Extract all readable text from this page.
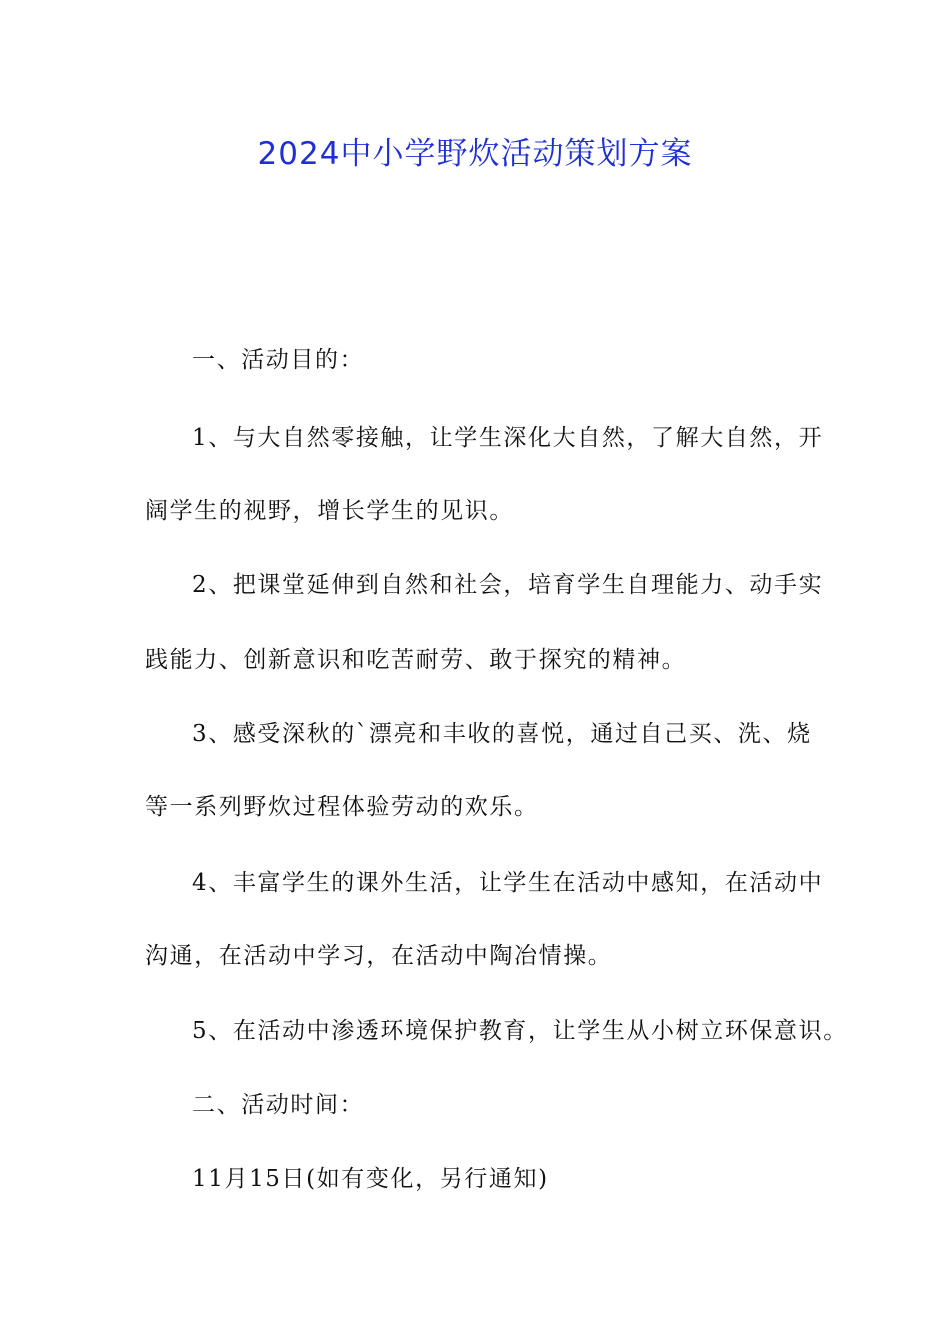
2024中小学野炊活动策划方案
一、活动目的：
1、与大自然零接触，让学生深化大自然，了解大自然，开
阔学生的视野，增长学生的见识。
2、把课堂延伸到自然和社会，培育学生自理能力、动手实
践能力、创新意识和吃苦耐劳、敢于探究的精神。
3、感受深秋的`漂亮和丰收的喜悦，通过自己买、洗、烧
等一系列野炊过程体验劳动的欢乐。
4、丰富学生的课外生活，让学生在活动中感知，在活动中
沟通，在活动中学习，在活动中陶冶情操。
5、在活动中渗透环境保护教育，让学生从小树立环保意识。
二、活动时间：
11月15日(如有变化，另行通知)
